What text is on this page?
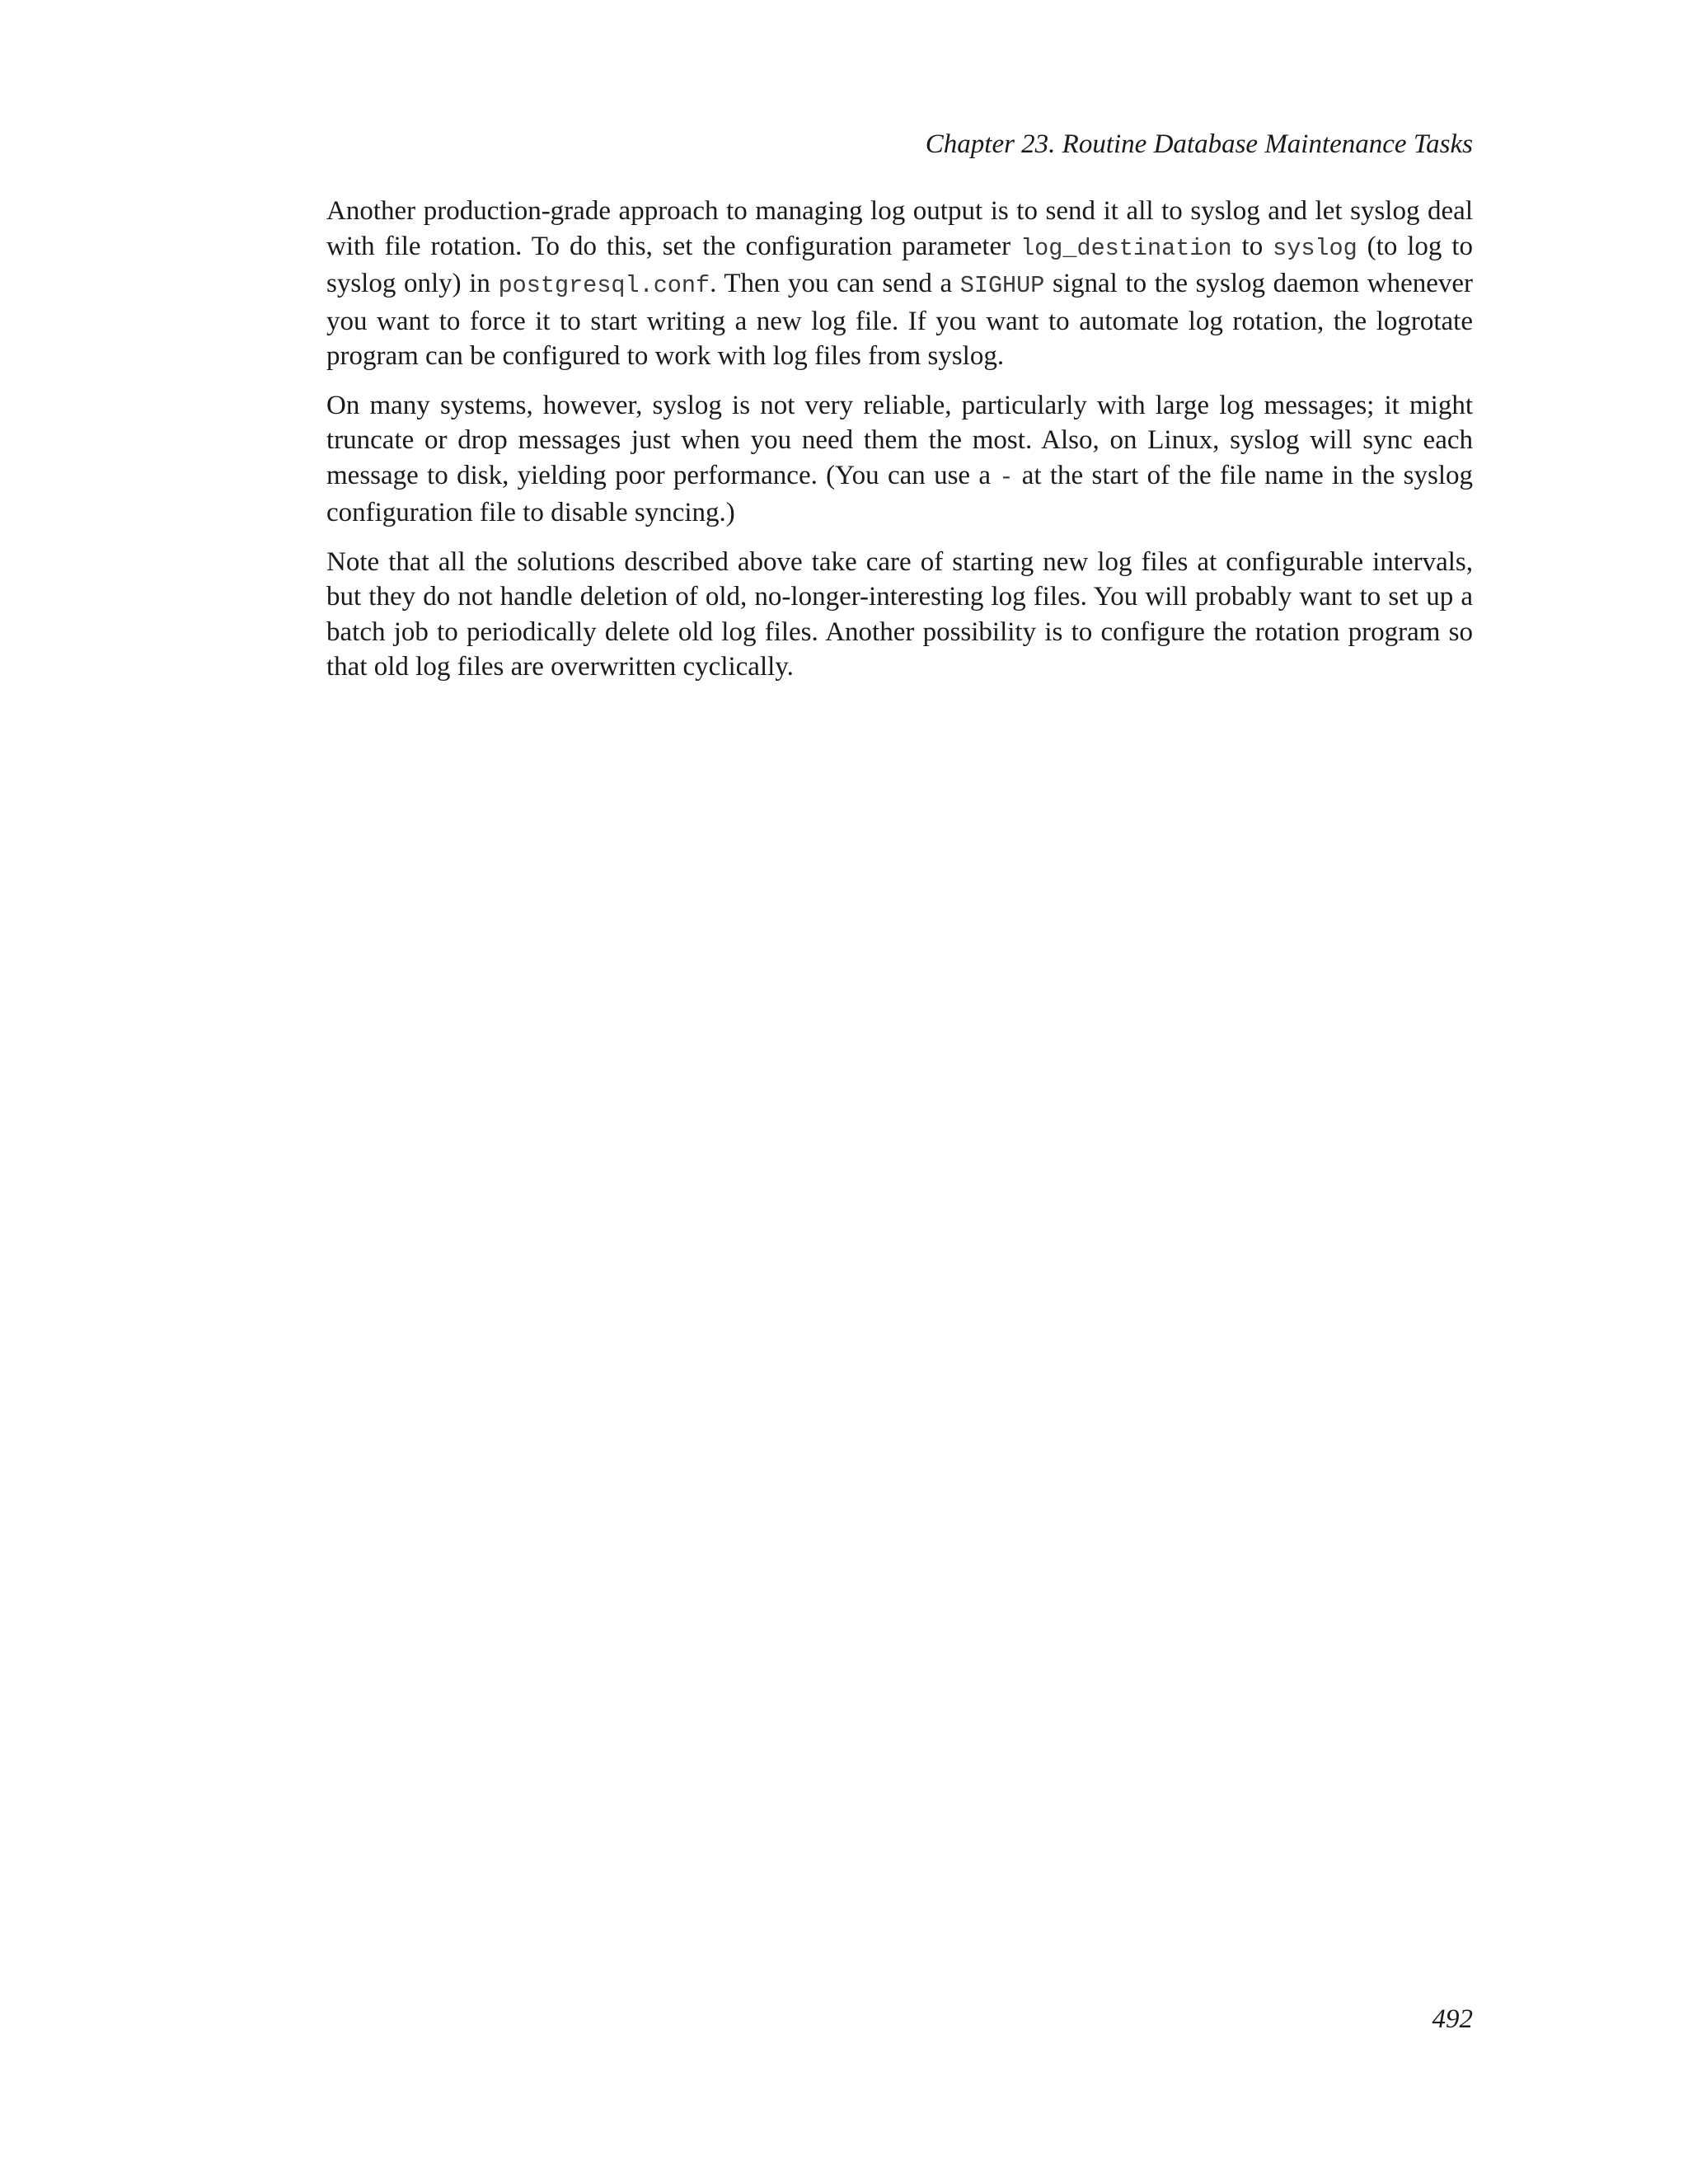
Chapter 23. Routine Database Maintenance Tasks

Another production-grade approach to managing log output is to send it all to syslog and let syslog deal with file rotation. To do this, set the configuration parameter log_destination to syslog (to log to syslog only) in postgresql.conf. Then you can send a SIGHUP signal to the syslog daemon whenever you want to force it to start writing a new log file. If you want to automate log rotation, the logrotate program can be configured to work with log files from syslog.

On many systems, however, syslog is not very reliable, particularly with large log messages; it might truncate or drop messages just when you need them the most. Also, on Linux, syslog will sync each message to disk, yielding poor performance. (You can use a - at the start of the file name in the syslog configuration file to disable syncing.)

Note that all the solutions described above take care of starting new log files at configurable intervals, but they do not handle deletion of old, no-longer-interesting log files. You will probably want to set up a batch job to periodically delete old log files. Another possibility is to configure the rotation program so that old log files are overwritten cyclically.

492
